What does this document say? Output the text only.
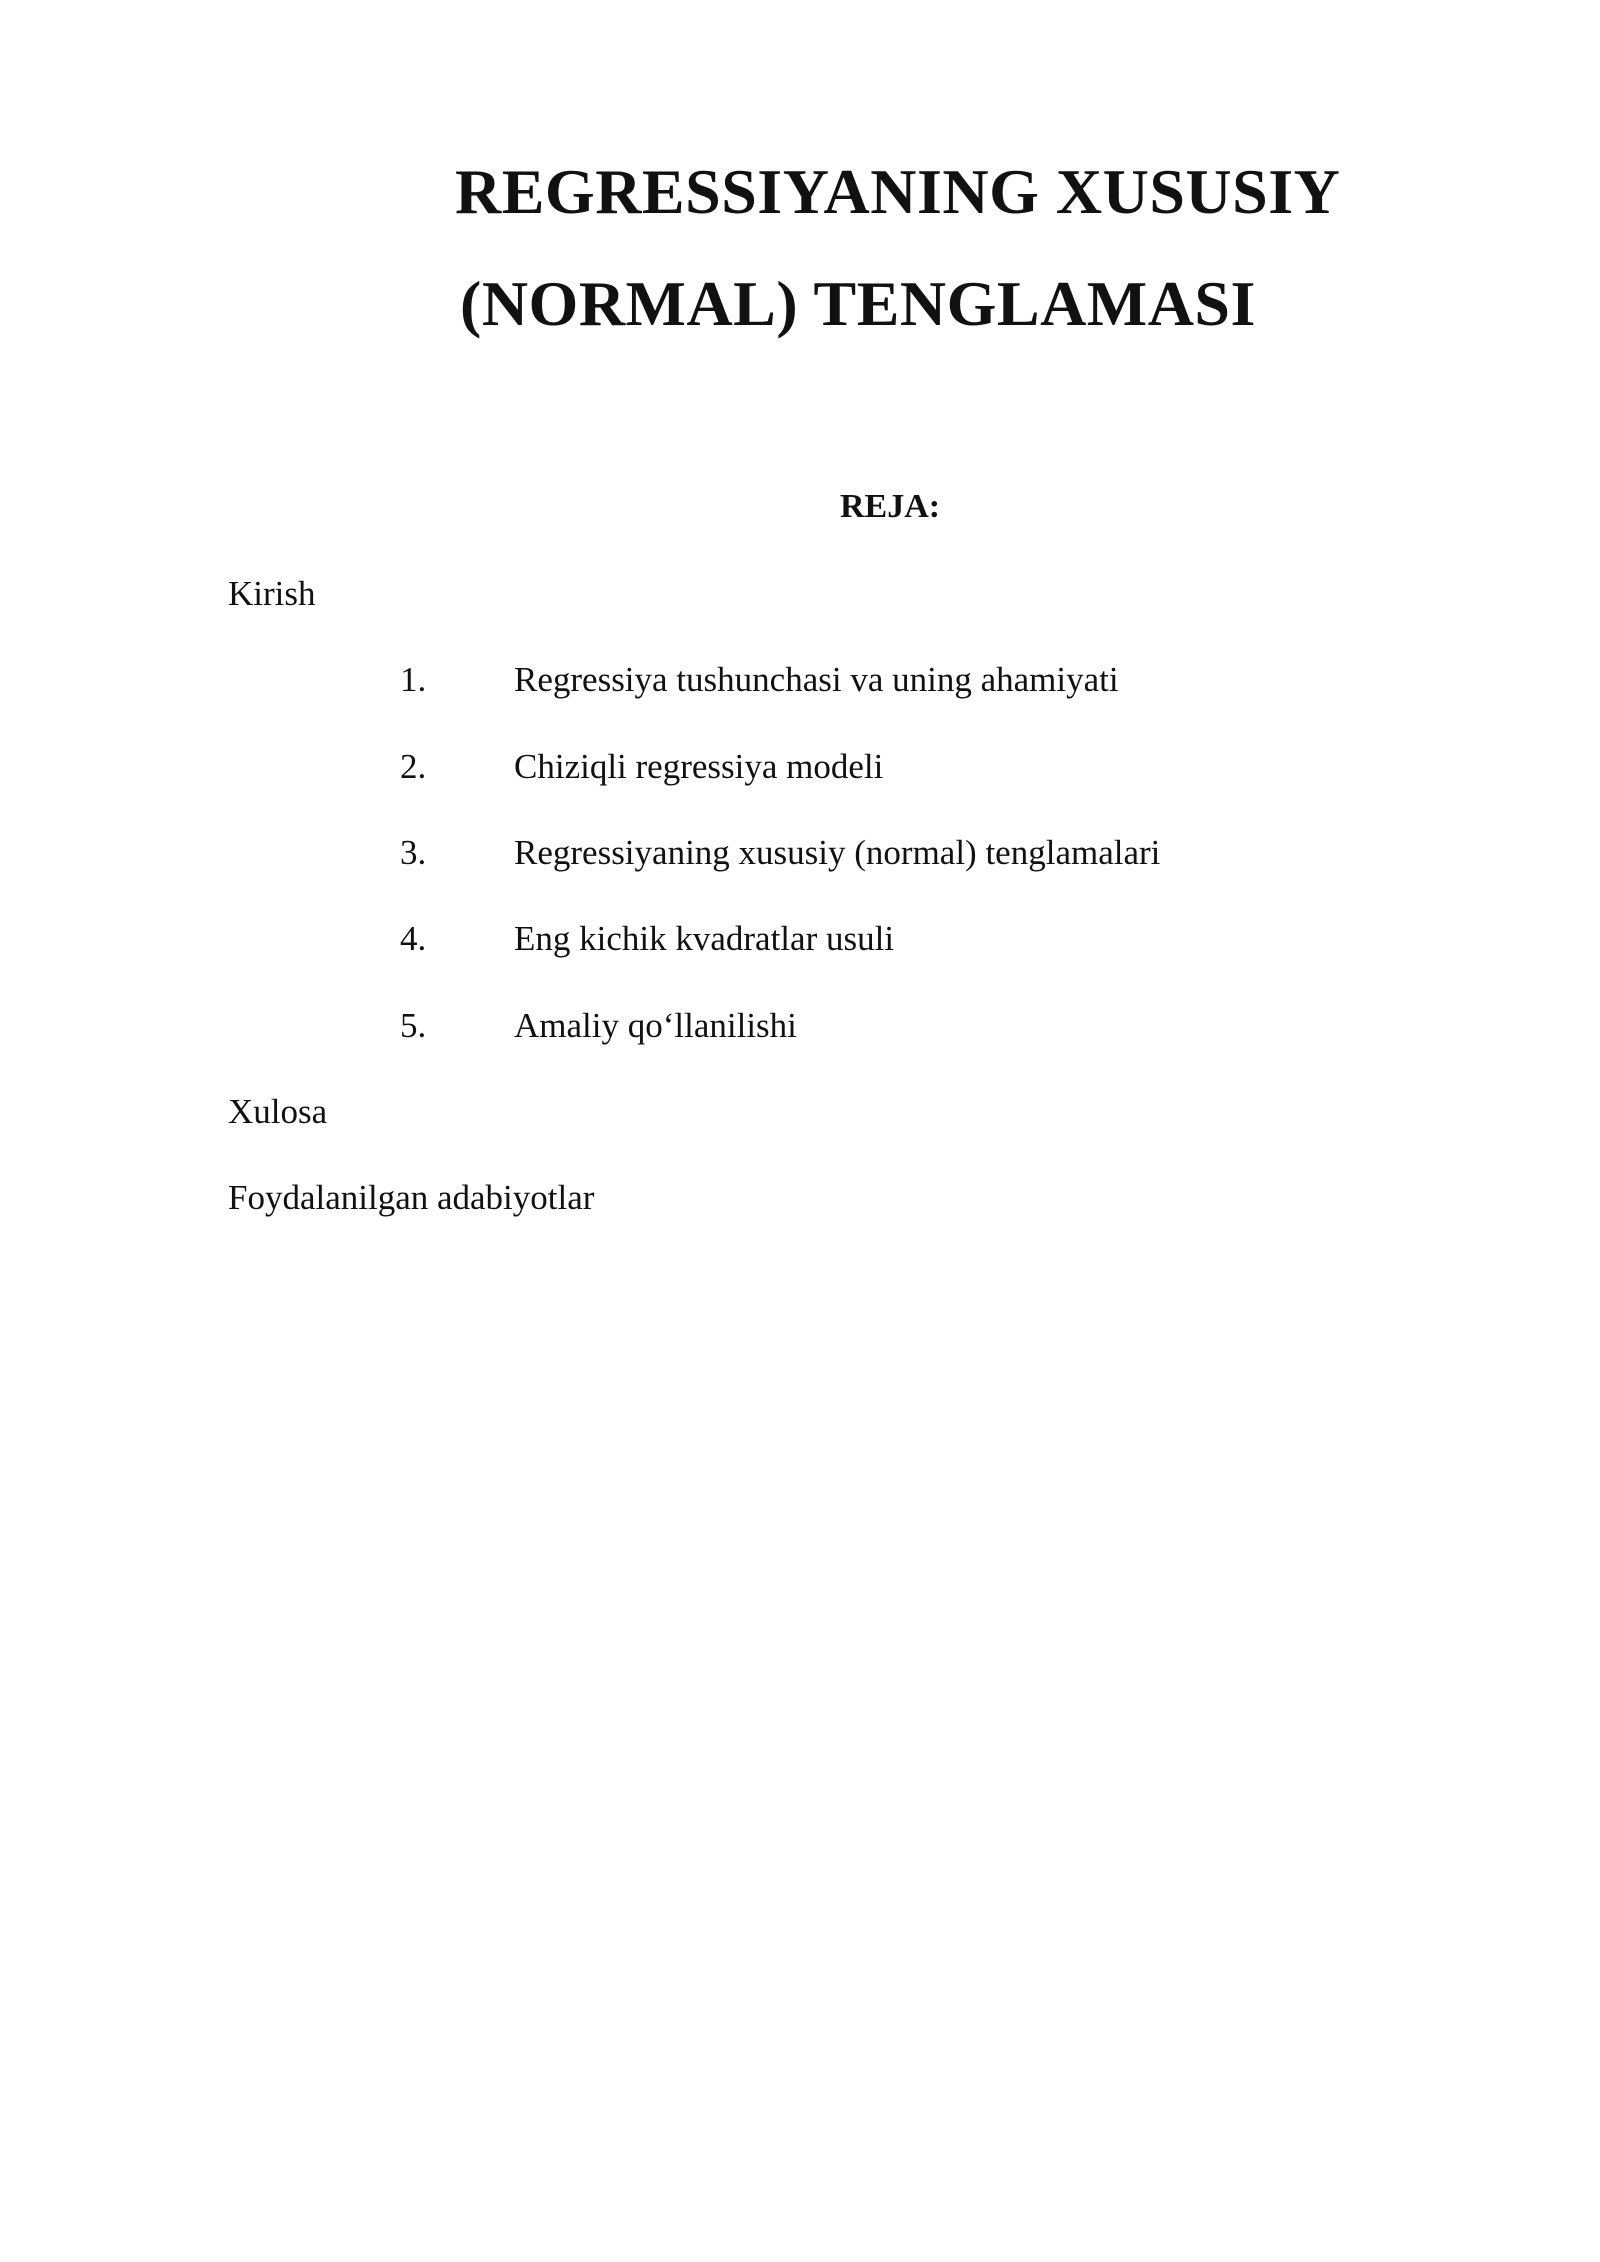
REGRESSIYANING XUSUSIY
(NORMAL) TENGLAMASI
REJA:
Kirish
1.	Regressiya tushunchasi va uning ahamiyati
2.	Chiziqli regressiya modeli
3.	Regressiyaning xususiy (normal) tenglamalari
4.	Eng kichik kvadratlar usuli
5.	Amaliy qo‘llanilishi
Xulosa
Foydalanilgan adabiyotlar
